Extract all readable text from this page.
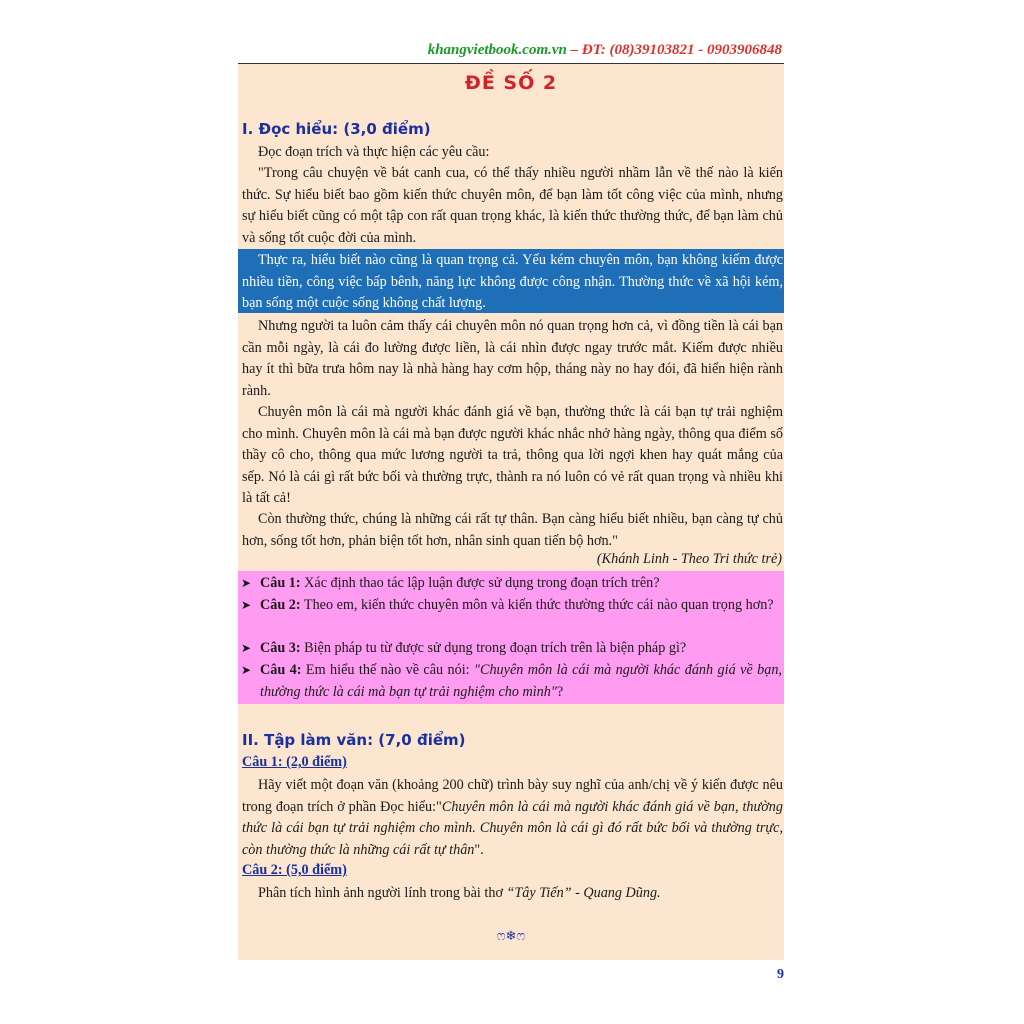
khangvietbook.com.vn – ĐT: (08)39103821 - 0903906848
ĐỀ SỐ 2
I. Đọc hiểu: (3,0 điểm)
Đọc đoạn trích và thực hiện các yêu cầu:
"Trong câu chuyện về bát canh cua, có thể thấy nhiều người nhầm lẫn về thế nào là kiến thức. Sự hiểu biết bao gồm kiến thức chuyên môn, để bạn làm tốt công việc của mình, nhưng sự hiểu biết cũng có một tập con rất quan trọng khác, là kiến thức thường thức, để bạn làm chủ và sống tốt cuộc đời của mình.
Thực ra, hiểu biết nào cũng là quan trọng cả. Yếu kém chuyên môn, bạn không kiếm được nhiều tiền, công việc bấp bênh, năng lực không được công nhận. Thường thức về xã hội kém, bạn sống một cuộc sống không chất lượng.
Nhưng người ta luôn cảm thấy cái chuyên môn nó quan trọng hơn cả, vì đồng tiền là cái bạn cần mỗi ngày, là cái đo lường được liền, là cái nhìn được ngay trước mắt. Kiếm được nhiều hay ít thì bữa trưa hôm nay là nhà hàng hay cơm hộp, tháng này no hay đói, đã hiển hiện rành rành.
Chuyên môn là cái mà người khác đánh giá về bạn, thường thức là cái bạn tự trải nghiệm cho mình. Chuyên môn là cái mà bạn được người khác nhắc nhở hàng ngày, thông qua điểm số thầy cô cho, thông qua mức lương người ta trả, thông qua lời ngợi khen hay quát mắng của sếp. Nó là cái gì rất bức bối và thường trực, thành ra nó luôn có vẻ rất quan trọng và nhiều khi là tất cả!
Còn thường thức, chúng là những cái rất tự thân. Bạn càng hiểu biết nhiều, bạn càng tự chủ hơn, sống tốt hơn, phản biện tốt hơn, nhân sinh quan tiến bộ hơn."
(Khánh Linh - Theo Tri thức trẻ)
➤ Câu 1: Xác định thao tác lập luận được sử dụng trong đoạn trích trên?
➤ Câu 2: Theo em, kiến thức chuyên môn và kiến thức thường thức cái nào quan trọng hơn?
➤ Câu 3: Biện pháp tu từ được sử dụng trong đoạn trích trên là biện pháp gì?
➤ Câu 4: Em hiểu thế nào về câu nói: "Chuyên môn là cái mà người khác đánh giá về bạn, thường thức là cái mà bạn tự trải nghiệm cho mình"?
II. Tập làm văn: (7,0 điểm)
Câu 1: (2,0 điểm)
Hãy viết một đoạn văn (khoảng 200 chữ) trình bày suy nghĩ của anh/chị về ý kiến được nêu trong đoạn trích ở phần Đọc hiểu:"Chuyên môn là cái mà người khác đánh giá về bạn, thường thức là cái bạn tự trải nghiệm cho mình. Chuyên môn là cái gì đó rất bức bối và thường trực, còn thường thức là những cái rất tự thân".
Câu 2: (5,0 điểm)
Phân tích hình ảnh người lính trong bài thơ “Tây Tiến” - Quang Dũng.
ෆ❄ෆ
9
